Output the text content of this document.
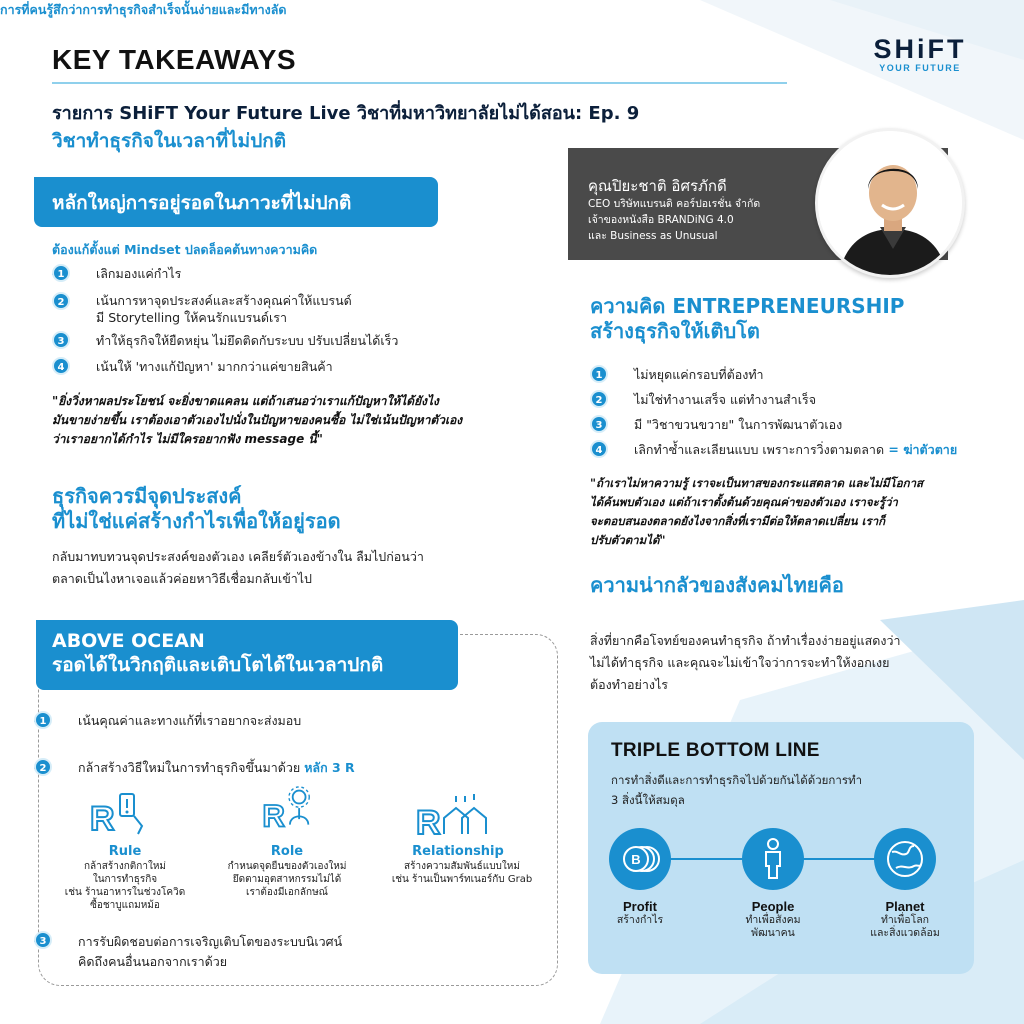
KEY TAKEAWAYS	SHiFT
YOUR FUTURE
รายการ SHiFT Your Future Live วิชาที่มหาวิทยาลัยไม่ได้สอน: Ep. 9
วิชาทำธุรกิจในเวลาที่ไม่ปกติ
คุณปิยะชาติ อิศรภักดี
CEO บริษัทแบรนดิ คอร์ปอเรชั่น จำกัด
เจ้าของหนังสือ BRANDiNG 4.0
และ Business as Unusual
หลักใหญ่การอยู่รอดในภาวะที่ไม่ปกติ
ต้องแก้ตั้งแต่ Mindset ปลดล็อคต้นทางความคิด
1	เลิกมองแค่กำไร
2	เน้นการหาจุดประสงค์และสร้างคุณค่าให้แบรนด์
มี Storytelling ให้คนรักแบรนด์เรา
3	ทำให้ธุรกิจให้ยืดหยุ่น ไม่ยึดติดกับระบบ ปรับเปลี่ยนได้เร็ว
4	เน้นให้ 'ทางแก้ปัญหา' มากกว่าแค่ขายสินค้า
"ยิ่งวิ่งหาผลประโยชน์ จะยิ่งขาดแคลน แต่ถ้าเสนอว่าเราแก้ปัญหาให้ได้ยังไง
มันขายง่ายขึ้น เราต้องเอาตัวเองไปนั่งในปัญหาของคนซื้อ ไม่ใช่เน้นปัญหาตัวเอง
ว่าเราอยากได้กำไร ไม่มีใครอยากฟัง message นี้"
ธุรกิจควรมีจุดประสงค์
ที่ไม่ใช่แค่สร้างกำไรเพื่อให้อยู่รอด
กลับมาทบทวนจุดประสงค์ของตัวเอง เคลียร์ตัวเองข้างใน ลืมไปก่อนว่า
ตลาดเป็นไงหาเจอแล้วค่อยหาวิธีเชื่อมกลับเข้าไป
ABOVE OCEAN
รอดได้ในวิกฤติและเติบโตได้ในเวลาปกติ
1	เน้นคุณค่าและทางแก้ที่เราอยากจะส่งมอบ
2	กล้าสร้างวิธีใหม่ในการทำธุรกิจขึ้นมาด้วย หลัก 3 R
R
Rule
กล้าสร้างกติกาใหม่
ในการทำธุรกิจ
เช่น ร้านอาหารในช่วงโควิด
ซื้อชาบูแถมหม้อ
R
Role
กำหนดจุดยืนของตัวเองใหม่
ยึดตามอุตสาหกรรมไม่ได้
เราต้องมีเอกลักษณ์
R
Relationship
สร้างความสัมพันธ์แบบใหม่
เช่น ร้านเป็นพาร์ทเนอร์กับ Grab
3	การรับผิดชอบต่อการเจริญเติบโตของระบบนิเวศน์
คิดถึงคนอื่นนอกจากเราด้วย
ความคิด ENTREPRENEURSHIP
สร้างธุรกิจให้เติบโต
1	ไม่หยุดแค่กรอบที่ต้องทำ
2	ไม่ใช่ทำงานเสร็จ แต่ทำงานสำเร็จ
3	มี "วิชาขวนขวาย" ในการพัฒนาตัวเอง
4	เลิกทำซ้ำและเลียนแบบ เพราะการวิ่งตามตลาด = ฆ่าตัวตาย
"ถ้าเราไม่หาความรู้ เราจะเป็นทาสของกระแสตลาด และไม่มีโอกาส
ได้ค้นพบตัวเอง แต่ถ้าเราตั้งต้นด้วยคุณค่าของตัวเอง เราจะรู้ว่า
จะตอบสนองตลาดยังไงจากสิ่งที่เรามีต่อให้ตลาดเปลี่ยน เราก็
ปรับตัวตามได้"
ความน่ากลัวของสังคมไทยคือ
การที่คนรู้สึกว่าการทำธุรกิจสำเร็จนั้นง่ายและมีทางลัด
สิ่งที่ยากคือโจทย์ของคนทำธุรกิจ ถ้าทำเรื่องง่ายอยู่แสดงว่า
ไม่ได้ทำธุรกิจ และคุณจะไม่เข้าใจว่าการจะทำให้งอกเงย
ต้องทำอย่างไร
TRIPLE BOTTOM LINE
การทำสิ่งดีและการทำธุรกิจไปด้วยกันได้ด้วยการทำ
3 สิ่งนี้ให้สมดุล
B
Profit
สร้างกำไร
People
ทำเพื่อสังคม
พัฒนาคน
Planet
ทำเพื่อโลก
และสิ่งแวดล้อม
